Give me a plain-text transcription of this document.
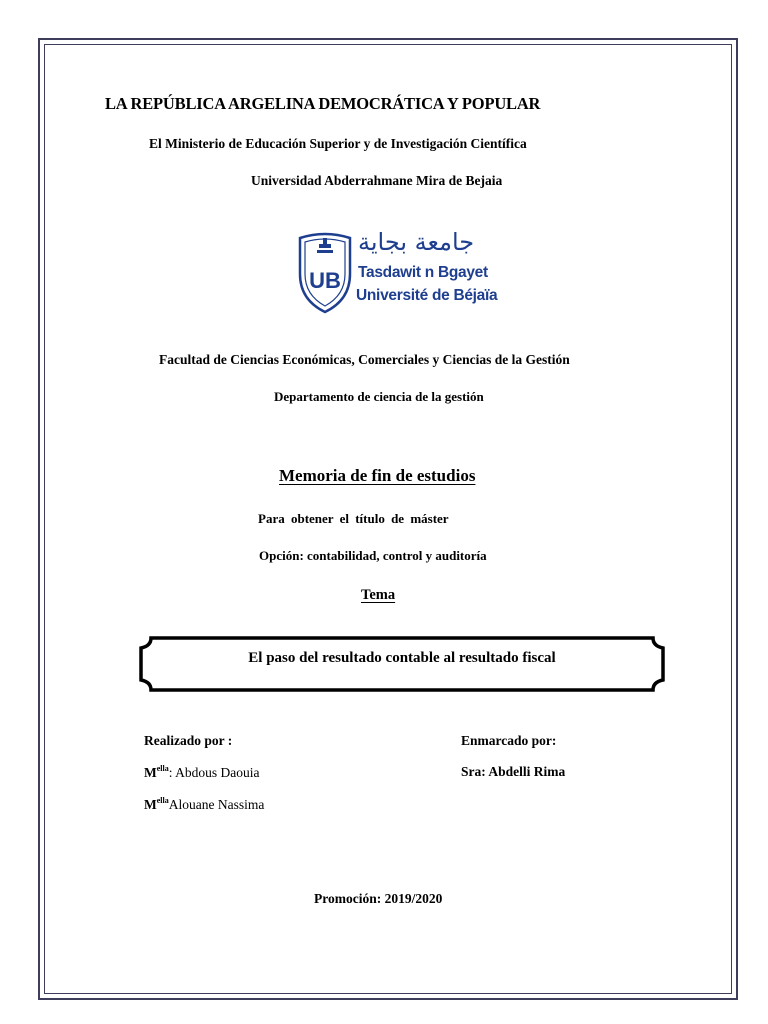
LA REPÚBLICA ARGELINA DEMOCRÁTICA Y POPULAR
El Ministerio de Educación Superior y de Investigación Científica
Universidad Abderrahmane Mira de Bejaia
UB
جامعة بجاية
Tasdawit n Bgayet
Université de Béjaïa
Facultad de Ciencias Económicas, Comerciales y Ciencias de la Gestión
Departamento de ciencia de la gestión
Memoria de fin de estudios
Para obtener el título de máster
Opción: contabilidad, control y auditoría
Tema
El paso del resultado contable al resultado fiscal
Realizado por :
$M^{ella}$: Abdous Daouia
$M^{ella}Alouane$ Nassima
Enmarcado por:
Sra: Abdelli Rima
Promoción: 2019/2020
